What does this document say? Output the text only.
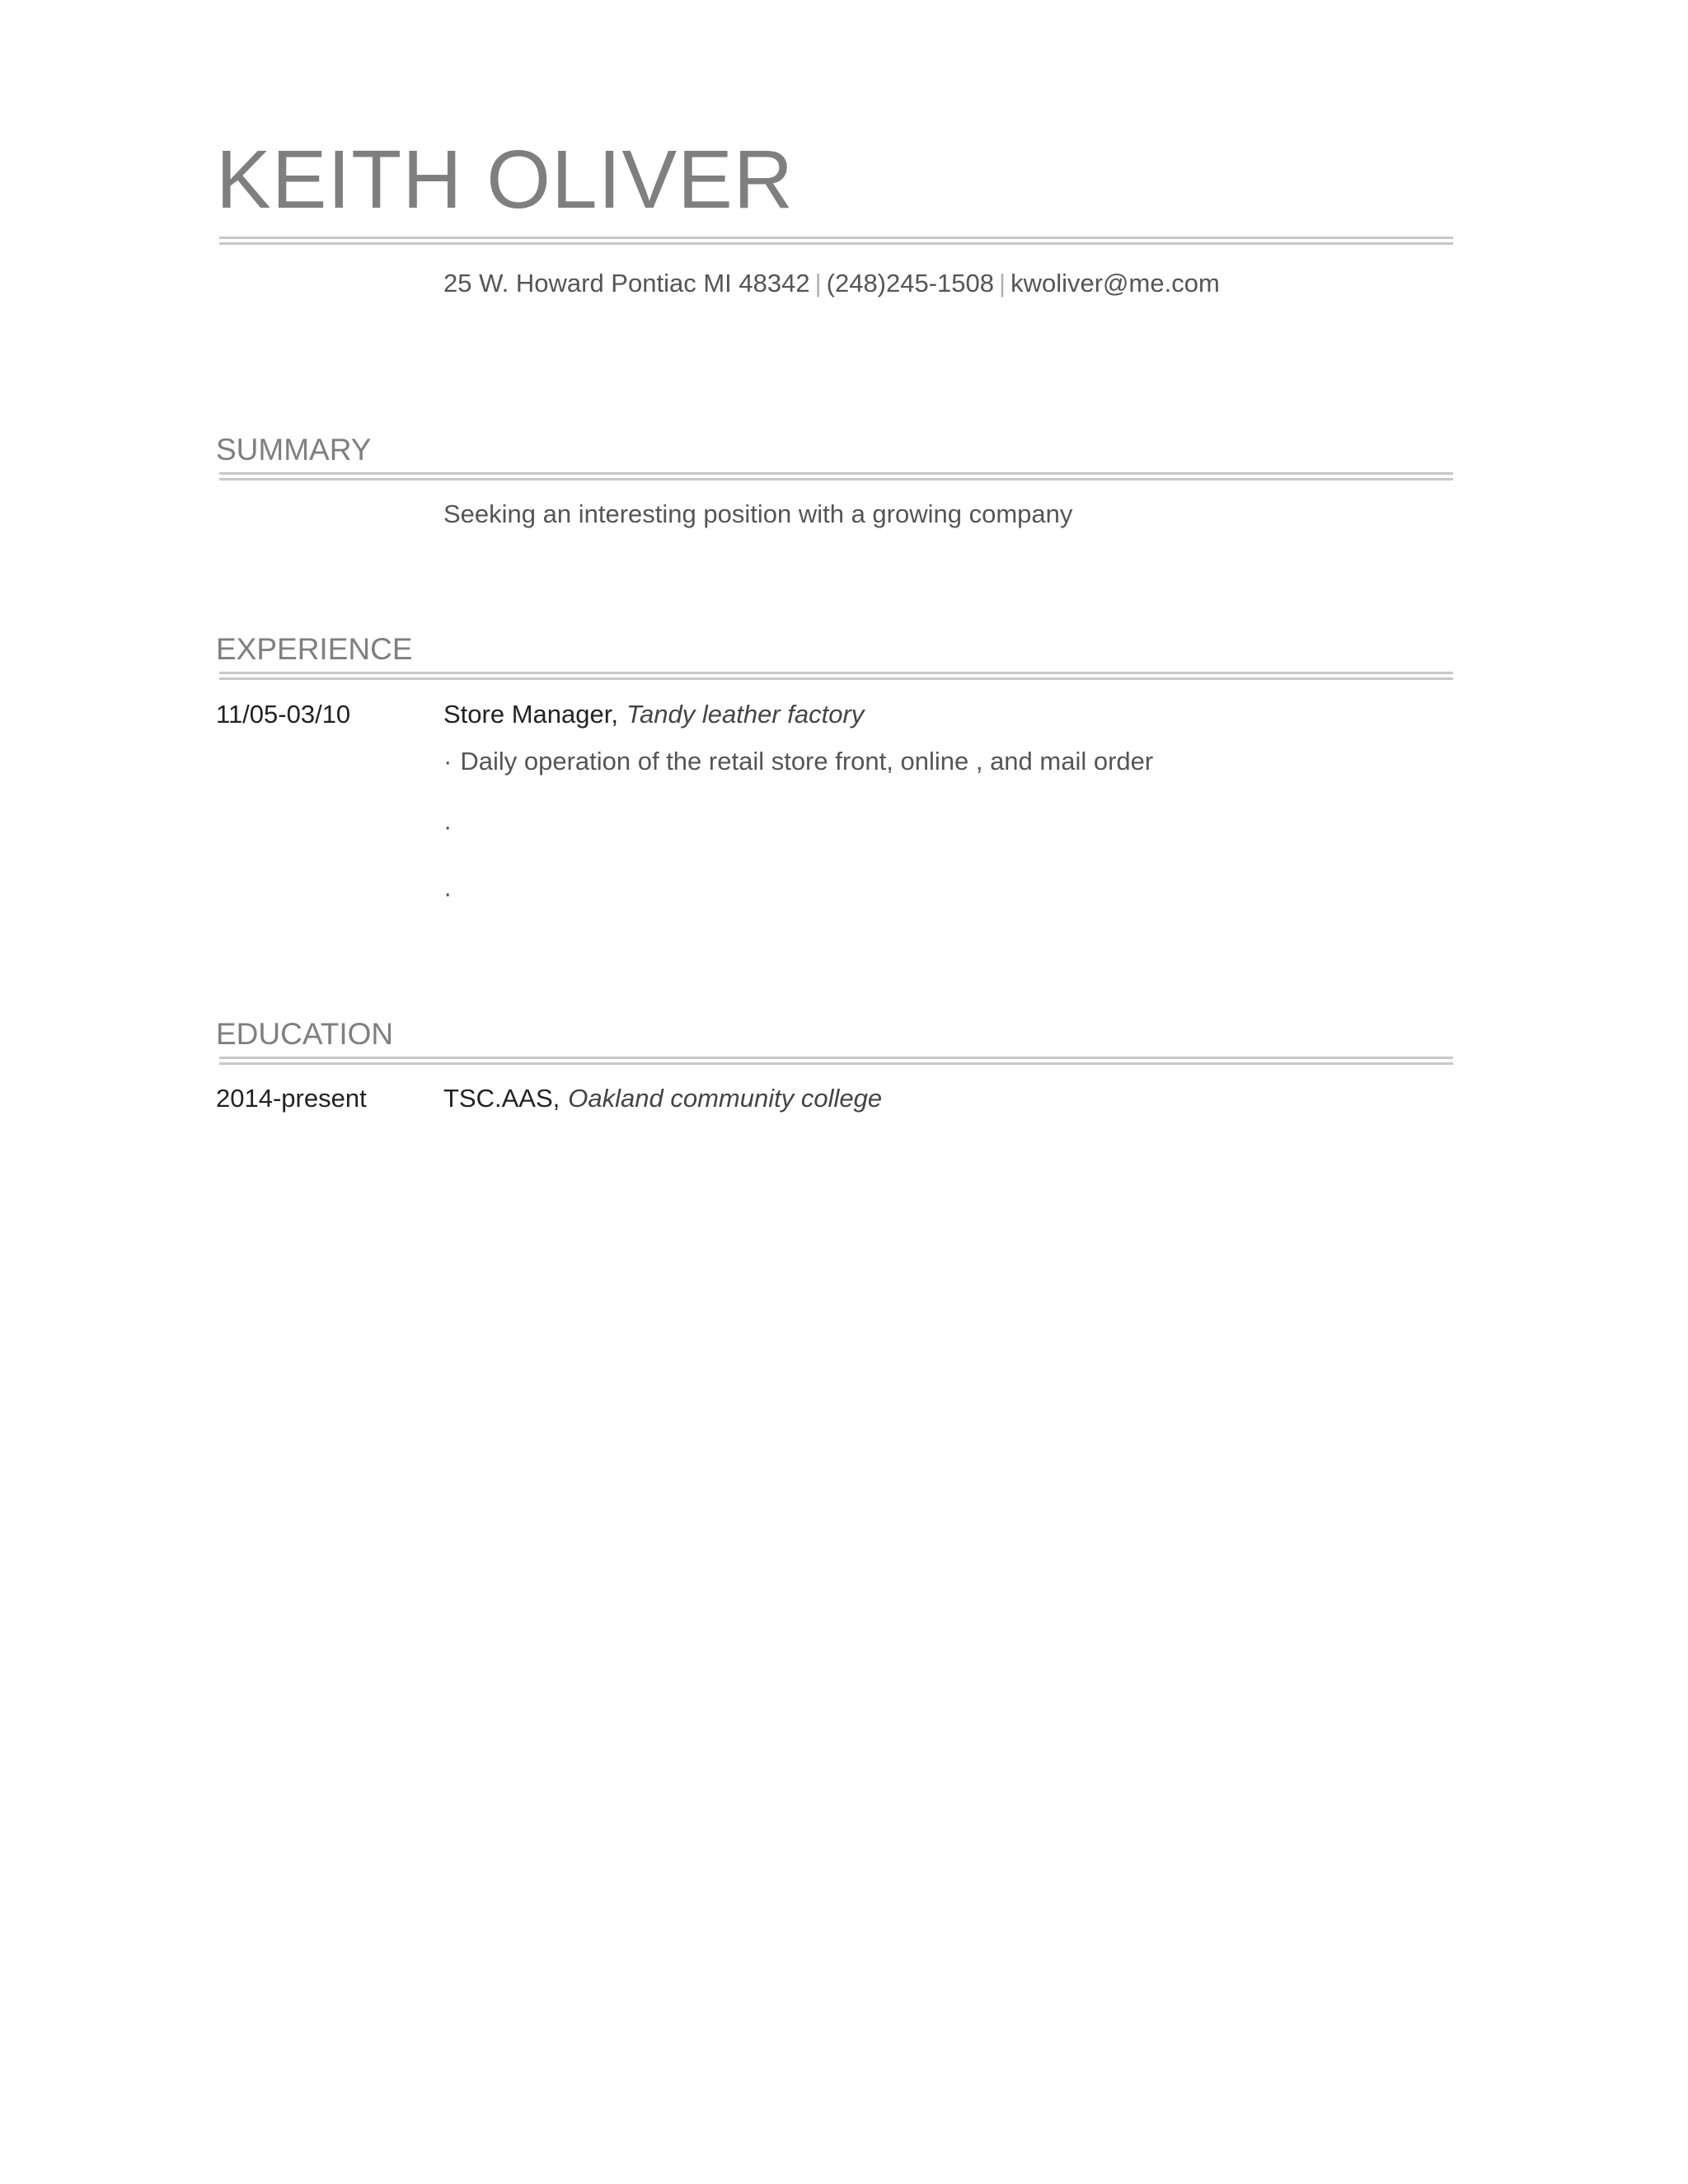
KEITH OLIVER
25 W. Howard Pontiac MI 48342 | (248)245-1508 | kwoliver@me.com
SUMMARY
Seeking an interesting position with a growing company
EXPERIENCE
11/05-03/10	Store Manager, Tandy leather factory
· Daily operation of the retail store front, online , and mail order
·
·
EDUCATION
2014-present	TSC.AAS, Oakland community college
